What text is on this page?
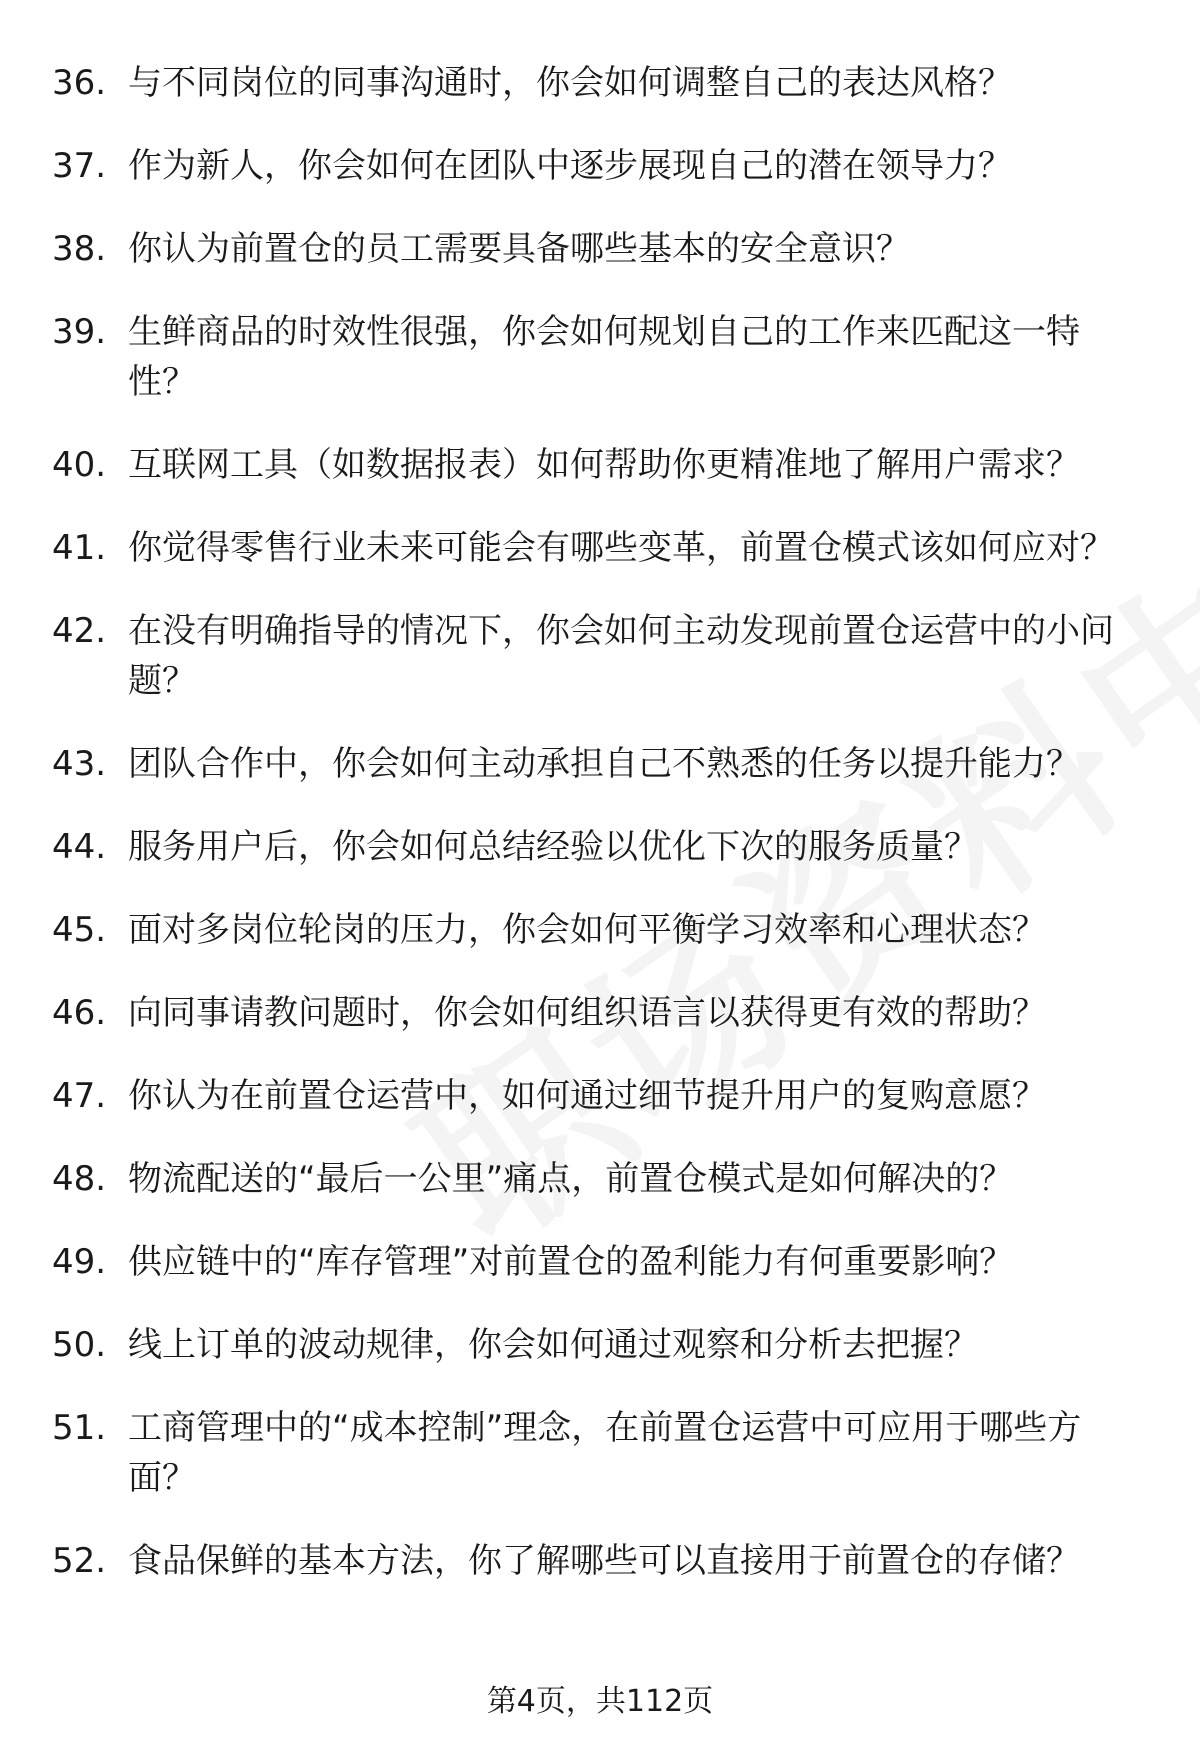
36. 与不同岗位的同事沟通时，你会如何调整自己的表达风格？
37. 作为新人，你会如何在团队中逐步展现自己的潜在领导力？
38. 你认为前置仓的员工需要具备哪些基本的安全意识？
39. 生鲜商品的时效性很强，你会如何规划自己的工作来匹配这一特性？
40. 互联网工具（如数据报表）如何帮助你更精准地了解用户需求？
41. 你觉得零售行业未来可能会有哪些变革，前置仓模式该如何应对？
42. 在没有明确指导的情况下，你会如何主动发现前置仓运营中的小问题？
43. 团队合作中，你会如何主动承担自己不熟悉的任务以提升能力？
44. 服务用户后，你会如何总结经验以优化下次的服务质量？
45. 面对多岗位轮岗的压力，你会如何平衡学习效率和心理状态？
46. 向同事请教问题时，你会如何组织语言以获得更有效的帮助？
47. 你认为在前置仓运营中，如何通过细节提升用户的复购意愿？
48. 物流配送的“最后一公里”痛点，前置仓模式是如何解决的？
49. 供应链中的“库存管理”对前置仓的盈利能力有何重要影响？
50. 线上订单的波动规律，你会如何通过观察和分析去把握？
51. 工商管理中的“成本控制”理念，在前置仓运营中可应用于哪些方面？
52. 食品保鲜的基本方法，你了解哪些可以直接用于前置仓的存储？
第4页，共112页
